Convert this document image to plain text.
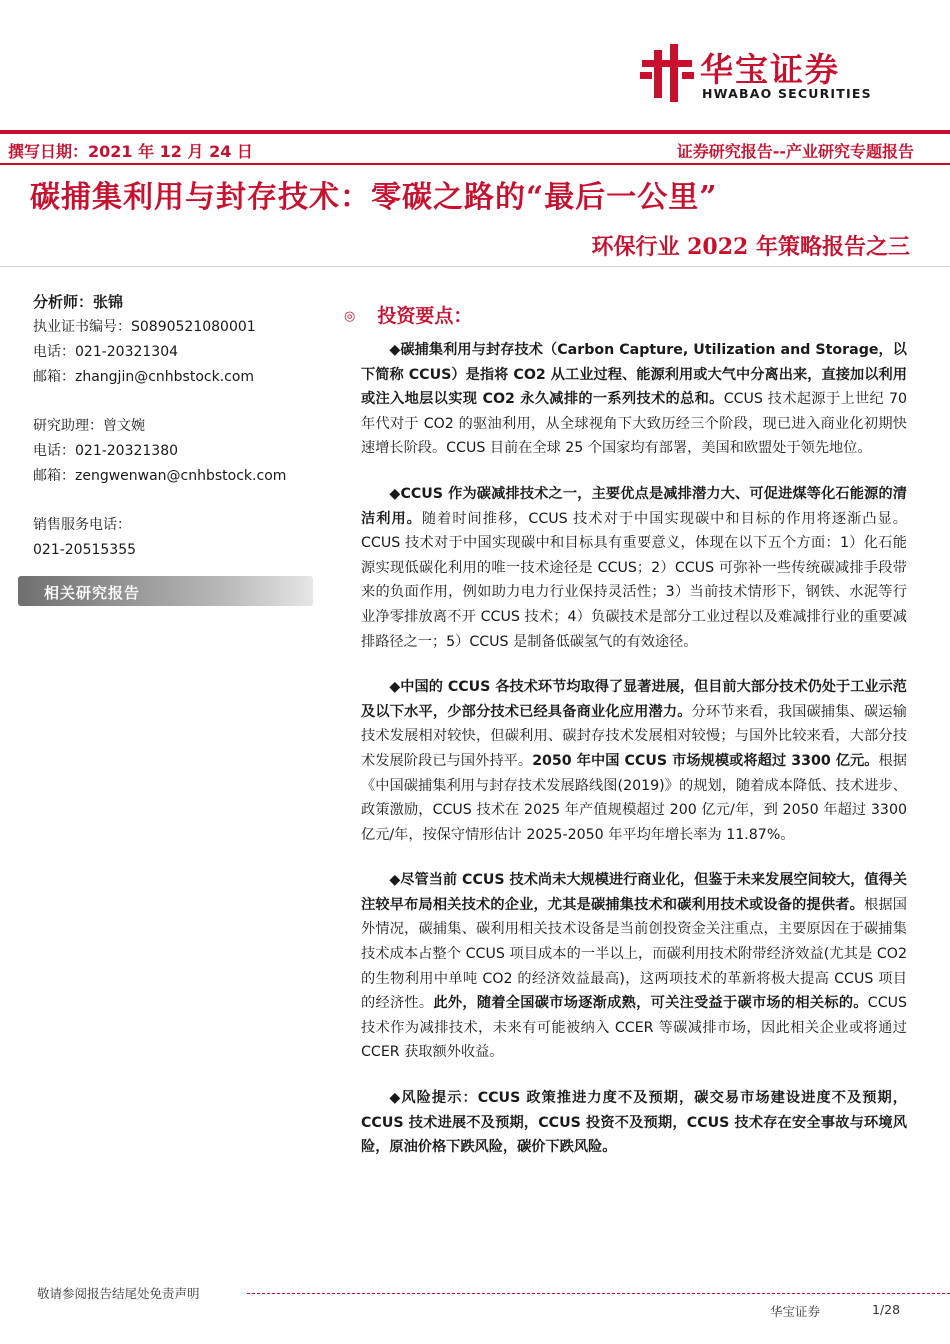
华宝证券
HWABAO SECURITIES
撰写日期：2021 年 12 月 24 日	证券研究报告--产业研究专题报告
碳捕集利用与封存技术：零碳之路的“最后一公里”
环保行业 2022 年策略报告之三
分析师：张锦
执业证书编号：S0890521080001
电话：021-20321304
邮箱：zhangjin@cnhbstock.com
研究助理：曾文婉
电话：021-20321380
邮箱：zengwenwan@cnhbstock.com
销售服务电话：
021-20515355
相关研究报告
◎ 投资要点：

◆碳捕集利用与封存技术（Carbon Capture, Utilization and Storage，以下简称 CCUS）是指将 CO2 从工业过程、能源利用或大气中分离出来，直接加以利用或注入地层以实现 CO2 永久减排的一系列技术的总和。CCUS 技术起源于上世纪 70 年代对于 CO2 的驱油利用，从全球视角下大致历经三个阶段，现已进入商业化初期快速增长阶段。CCUS 目前在全球 25 个国家均有部署，美国和欧盟处于领先地位。

◆CCUS 作为碳减排技术之一，主要优点是减排潜力大、可促进煤等化石能源的清洁利用。随着时间推移，CCUS 技术对于中国实现碳中和目标的作用将逐渐凸显。CCUS 技术对于中国实现碳中和目标具有重要意义，体现在以下五个方面：1）化石能源实现低碳化利用的唯一技术途径是 CCUS；2）CCUS 可弥补一些传统碳减排手段带来的负面作用，例如助力电力行业保持灵活性；3）当前技术情形下，钢铁、水泥等行业净零排放离不开 CCUS 技术；4）负碳技术是部分工业过程以及难减排行业的重要减排路径之一；5）CCUS 是制备低碳氢气的有效途径。

◆中国的 CCUS 各技术环节均取得了显著进展，但目前大部分技术仍处于工业示范及以下水平，少部分技术已经具备商业化应用潜力。分环节来看，我国碳捕集、碳运输技术发展相对较快，但碳利用、碳封存技术发展相对较慢；与国外比较来看，大部分技术发展阶段已与国外持平。2050 年中国 CCUS 市场规模或将超过 3300 亿元。根据《中国碳捕集利用与封存技术发展路线图(2019)》的规划，随着成本降低、技术进步、政策激励，CCUS 技术在 2025 年产值规模超过 200 亿元/年，到 2050 年超过 3300 亿元/年，按保守情形估计 2025-2050 年平均年增长率为 11.87%。

◆尽管当前 CCUS 技术尚未大规模进行商业化，但鉴于未来发展空间较大，值得关注较早布局相关技术的企业，尤其是碳捕集技术和碳利用技术或设备的提供者。根据国外情况，碳捕集、碳利用相关技术设备是当前创投资金关注重点，主要原因在于碳捕集技术成本占整个 CCUS 项目成本的一半以上，而碳利用技术附带经济效益(尤其是 CO2 的生物利用中单吨 CO2 的经济效益最高)，这两项技术的革新将极大提高 CCUS 项目的经济性。此外，随着全国碳市场逐渐成熟，可关注受益于碳市场的相关标的。CCUS 技术作为减排技术，未来有可能被纳入 CCER 等碳减排市场，因此相关企业或将通过 CCER 获取额外收益。

◆风险提示：CCUS 政策推进力度不及预期，碳交易市场建设进度不及预期，CCUS 技术进展不及预期，CCUS 投资不及预期，CCUS 技术存在安全事故与环境风险，原油价格下跌风险，碳价下跌风险。

敬请参阅报告结尾处免责声明
华宝证券	1/28
